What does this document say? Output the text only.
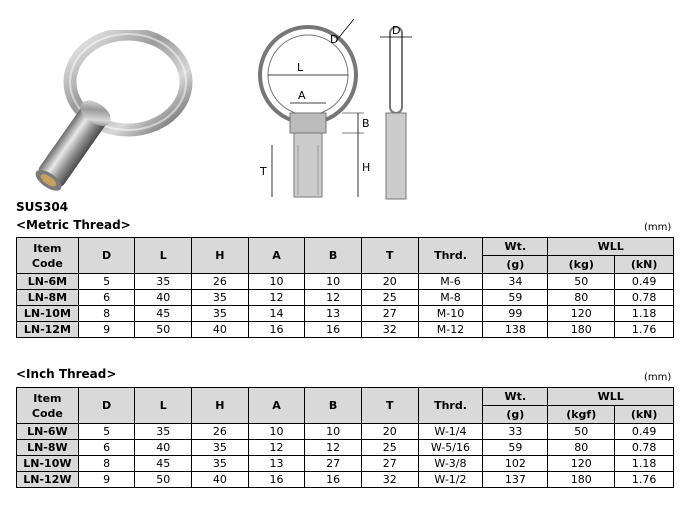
L
D
A
B
H
T
D
SUS304
<Metric Thread>	(mm)
Item
Code	D	L	H	A	B	T	Thrd.	Wt.	WLL	
								(g)	(kg)	(kN)
LN-6M	5	35	26	10	10	20	M-6	34	50	0.49
LN-8M	6	40	35	12	12	25	M-8	59	80	0.78
LN-10M	8	45	35	14	13	27	M-10	99	120	1.18
LN-12M	9	50	40	16	16	32	M-12	138	180	1.76
<Inch Thread>	(mm)
Item
Code	D	L	H	A	B	T	Thrd.	Wt.	WLL	
								(g)	(kgf)	(kN)
LN-6W	5	35	26	10	10	20	W-1/4	33	50	0.49
LN-8W	6	40	35	12	12	25	W-5/16	59	80	0.78
LN-10W	8	45	35	13	27	27	W-3/8	102	120	1.18
LN-12W	9	50	40	16	16	32	W-1/2	137	180	1.76
